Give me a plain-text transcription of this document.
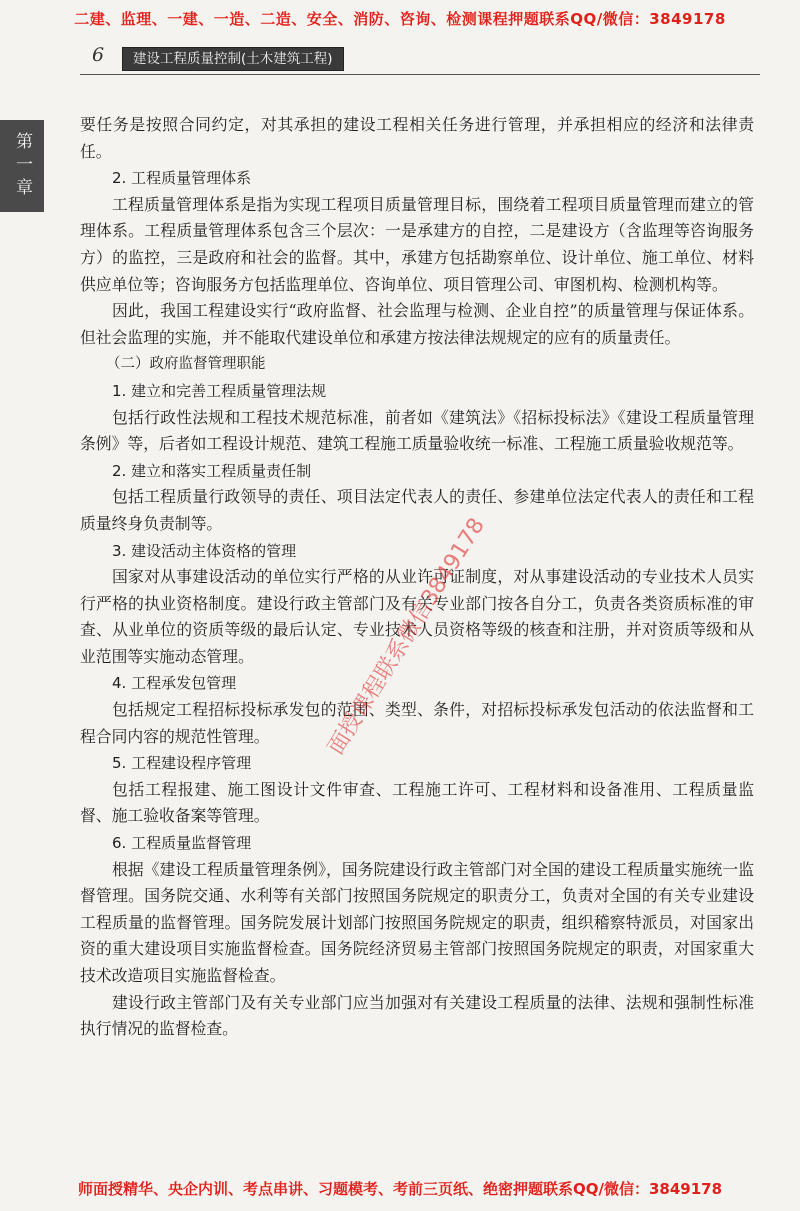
二建、监理、一建、一造、二造、安全、消防、咨询、检测课程押题联系QQ/微信：3849178
6	建设工程质量控制(土木建筑工程)
第一章

要任务是按照合同约定，对其承担的建设工程相关任务进行管理，并承担相应的经济和法律责任。

2. 工程质量管理体系

工程质量管理体系是指为实现工程项目质量管理目标，围绕着工程项目质量管理而建立的管理体系。工程质量管理体系包含三个层次：一是承建方的自控，二是建设方（含监理等咨询服务方）的监控，三是政府和社会的监督。其中，承建方包括勘察单位、设计单位、施工单位、材料供应单位等；咨询服务方包括监理单位、咨询单位、项目管理公司、审图机构、检测机构等。

因此，我国工程建设实行“政府监督、社会监理与检测、企业自控”的质量管理与保证体系。但社会监理的实施，并不能取代建设单位和承建方按法律法规规定的应有的质量责任。

（二）政府监督管理职能

1. 建立和完善工程质量管理法规

包括行政性法规和工程技术规范标准，前者如《建筑法》《招标投标法》《建设工程质量管理条例》等，后者如工程设计规范、建筑工程施工质量验收统一标准、工程施工质量验收规范等。

2. 建立和落实工程质量责任制

包括工程质量行政领导的责任、项目法定代表人的责任、参建单位法定代表人的责任和工程质量终身负责制等。

3. 建设活动主体资格的管理

国家对从事建设活动的单位实行严格的从业许可证制度，对从事建设活动的专业技术人员实行严格的执业资格制度。建设行政主管部门及有关专业部门按各自分工，负责各类资质标准的审查、从业单位的资质等级的最后认定、专业技术人员资格等级的核查和注册，并对资质等级和从业范围等实施动态管理。

4. 工程承发包管理

包括规定工程招标投标承发包的范围、类型、条件，对招标投标承发包活动的依法监督和工程合同内容的规范性管理。

5. 工程建设程序管理

包括工程报建、施工图设计文件审查、工程施工许可、工程材料和设备准用、工程质量监督、施工验收备案等管理。

6. 工程质量监督管理

根据《建设工程质量管理条例》，国务院建设行政主管部门对全国的建设工程质量实施统一监督管理。国务院交通、水利等有关部门按照国务院规定的职责分工，负责对全国的有关专业建设工程质量的监督管理。国务院发展计划部门按照国务院规定的职责，组织稽察特派员，对国家出资的重大建设项目实施监督检查。国务院经济贸易主管部门按照国务院规定的职责，对国家重大技术改造项目实施监督检查。

建设行政主管部门及有关专业部门应当加强对有关建设工程质量的法律、法规和强制性标准执行情况的监督检查。

面授课程联系微信3849178
师面授精华、央企内训、考点串讲、习题模考、考前三页纸、绝密押题联系QQ/微信：3849178
